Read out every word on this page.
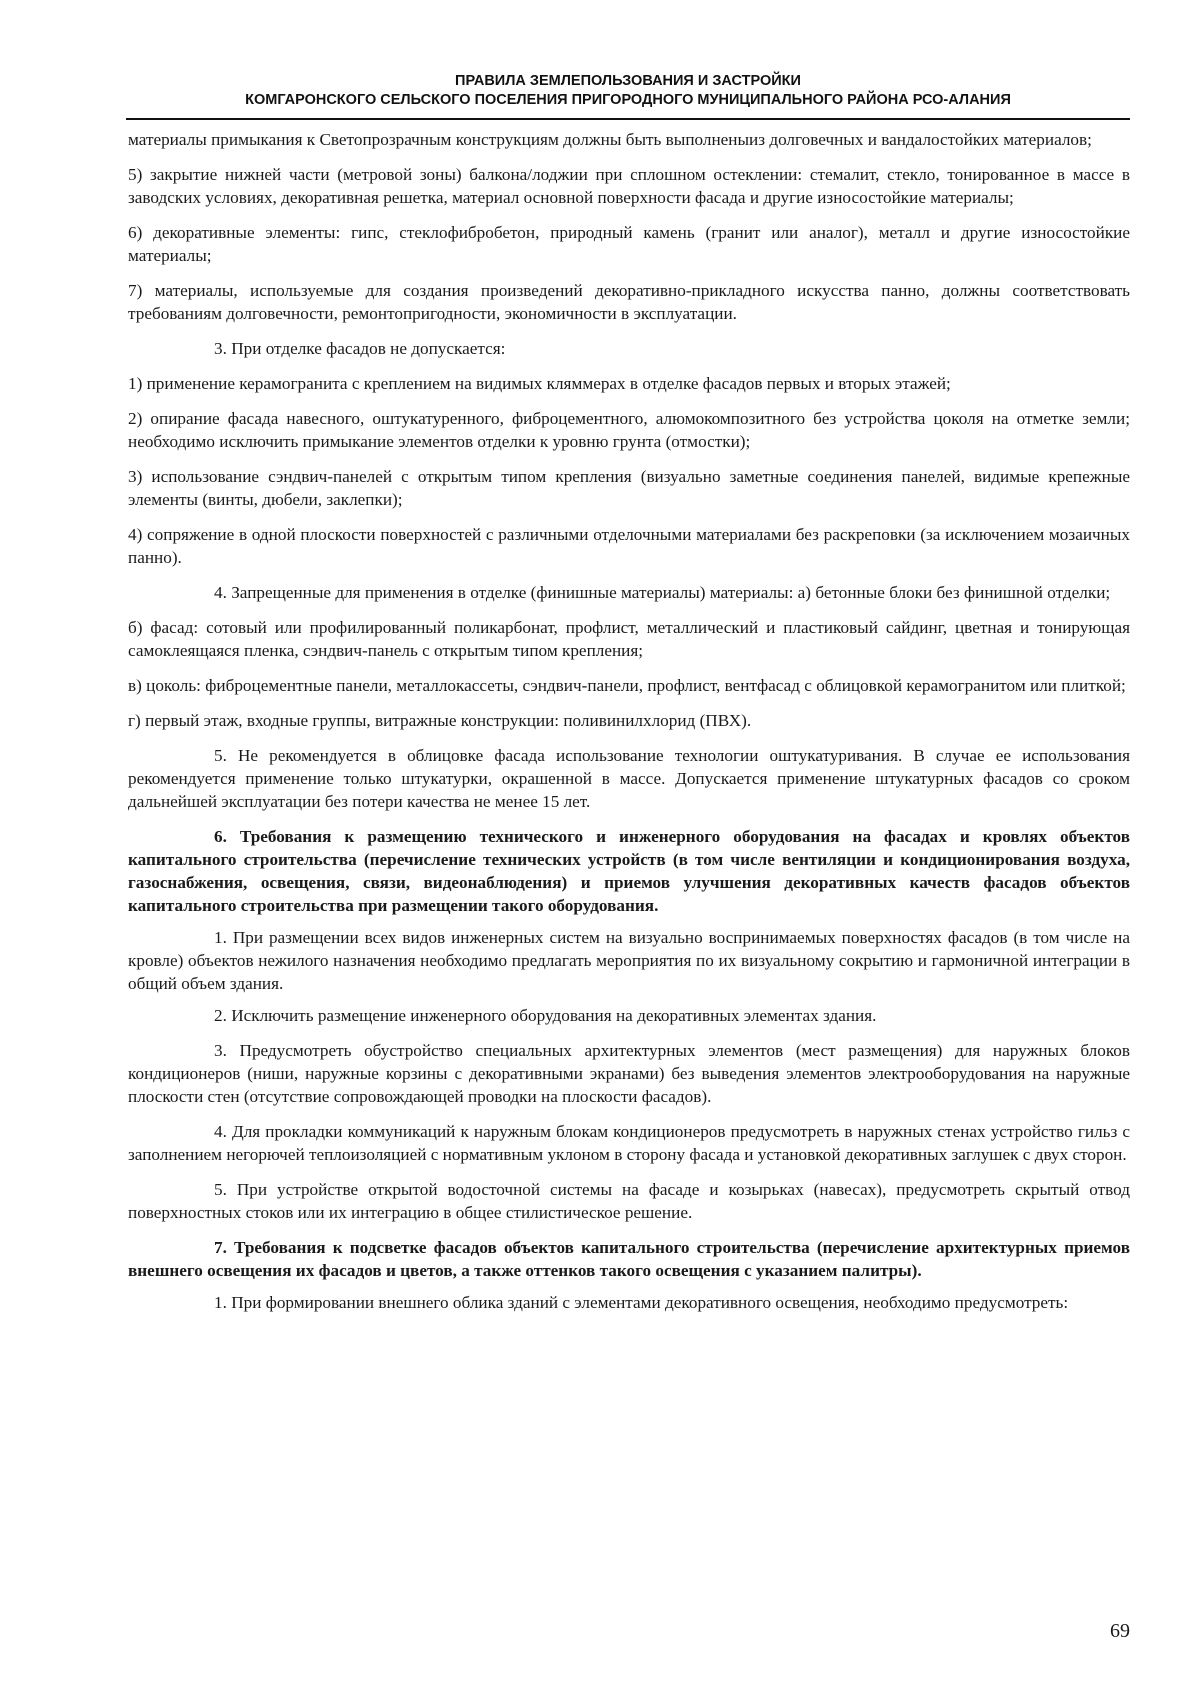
ПРАВИЛА ЗЕМЛЕПОЛЬЗОВАНИЯ И ЗАСТРОЙКИ
КОМГАРОНСКОГО СЕЛЬСКОГО ПОСЕЛЕНИЯ ПРИГОРОДНОГО МУНИЦИПАЛЬНОГО РАЙОНА РСО-АЛАНИЯ

материалы примыкания к Светопрозрачным конструкциям должны быть выполненыиз долговечных и вандалостойких материалов;

5) закрытие нижней части (метровой зоны) балкона/лоджии при сплошном остеклении: стемалит, стекло, тонированное в массе в заводских условиях, декоративная решетка, материал основной поверхности фасада и другие износостойкие материалы;

6) декоративные элементы: гипс, стеклофибробетон, природный камень (гранит или аналог), металл и другие износостойкие материалы;

7) материалы, используемые для создания произведений декоративно-прикладного искусства панно, должны соответствовать требованиям долговечности, ремонтопригодности, экономичности в эксплуатации.

3. При отделке фасадов не допускается:

1) применение керамогранита с креплением на видимых кляммерах в отделке фасадов первых и вторых этажей;

2) опирание фасада навесного, оштукатуренного, фиброцементного, алюмокомпозитного без устройства цоколя на отметке земли; необходимо исключить примыкание элементов отделки к уровню грунта (отмостки);

3) использование сэндвич-панелей с открытым типом крепления (визуально заметные соединения панелей, видимые крепежные элементы (винты, дюбели, заклепки);

4) сопряжение в одной плоскости поверхностей с различными отделочными материалами без раскреповки (за исключением мозаичных панно).

4. Запрещенные для применения в отделке (финишные материалы) материалы: а) бетонные блоки без финишной отделки;

б) фасад: сотовый или профилированный поликарбонат, профлист, металлический и пластиковый сайдинг, цветная и тонирующая самоклеящаяся пленка, сэндвич-панель с открытым типом крепления;

в) цоколь: фиброцементные панели, металлокассеты, сэндвич-панели, профлист, вентфасад с облицовкой керамогранитом или плиткой;

г) первый этаж, входные группы, витражные конструкции: поливинилхлорид (ПВХ).

5. Не рекомендуется в облицовке фасада использование технологии оштукатуривания. В случае ее использования рекомендуется применение только штукатурки, окрашенной в массе. Допускается применение штукатурных фасадов со сроком дальнейшей эксплуатации без потери качества не менее 15 лет.

6. Требования к размещению технического и инженерного оборудования на фасадах и кровлях объектов капитального строительства (перечисление технических устройств (в том числе вентиляции и кондиционирования воздуха, газоснабжения, освещения, связи, видеонаблюдения) и приемов улучшения декоративных качеств фасадов объектов капитального строительства при размещении такого оборудования.

1. При размещении всех видов инженерных систем на визуально воспринимаемых поверхностях фасадов (в том числе на кровле) объектов нежилого назначения необходимо предлагать мероприятия по их визуальному сокрытию и гармоничной интеграции в общий объем здания.

2. Исключить размещение инженерного оборудования на декоративных элементах здания.

3. Предусмотреть обустройство специальных архитектурных элементов (мест размещения) для наружных блоков кондиционеров (ниши, наружные корзины с декоративными экранами) без выведения элементов электрооборудования на наружные плоскости стен (отсутствие сопровождающей проводки на плоскости фасадов).

4. Для прокладки коммуникаций к наружным блокам кондиционеров предусмотреть в наружных стенах устройство гильз с заполнением негорючей теплоизоляцией с нормативным уклоном в сторону фасада и установкой декоративных заглушек с двух сторон.

5. При устройстве открытой водосточной системы на фасаде и козырьках (навесах), предусмотреть скрытый отвод поверхностных стоков или их интеграцию в общее стилистическое решение.

7. Требования к подсветке фасадов объектов капитального строительства (перечисление архитектурных приемов внешнего освещения их фасадов и цветов, а также оттенков такого освещения с указанием палитры).

1. При формировании внешнего облика зданий с элементами декоративного освещения, необходимо предусмотреть:

69
